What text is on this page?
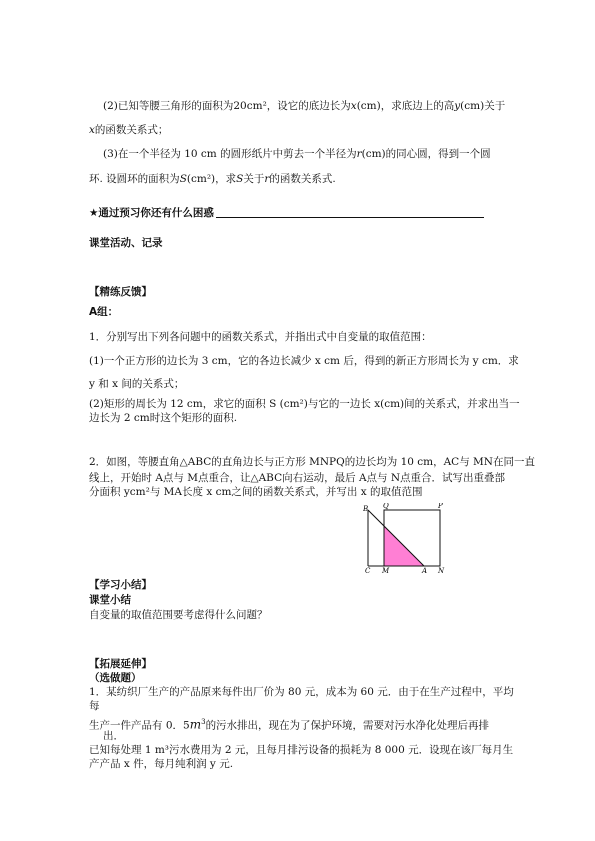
(2)已知等腰三角形的面积为20cm²，设它的底边长为x(cm)，求底边上的高y(cm)关于
x的函数关系式；
(3)在一个半径为 10 cm 的圆形纸片中剪去一个半径为r(cm)的同心圆，得到一个圆
环. 设圆环的面积为S(cm²)，求S关于r的函数关系式.
★通过预习你还有什么困惑
课堂活动、记录
【精练反馈】
A组：
1．分别写出下列各问题中的函数关系式，并指出式中自变量的取值范围：
(1)一个正方形的边长为 3 cm，它的各边长减少 x cm 后，得到的新正方形周长为 y cm．求
y 和 x 间的关系式；
(2)矩形的周长为 12 cm，求它的面积 S (cm²)与它的一边长 x(cm)间的关系式，并求出当一
边长为 2 cm时这个矩形的面积.
2．如图，等腰直角△ABC的直角边长与正方形 MNPQ的边长均为 10 cm，AC与 MN在同一直
线上，开始时 A点与 M点重合，让△ABC向右运动，最后 A点与 N点重合．试写出重叠部
分面积 ycm²与 MA长度 x cm之间的函数关系式，并写出 x 的取值范围
B Q	P
C M	A N
【学习小结】
课堂小结
自变量的取值范围要考虑得什么问题？
【拓展延伸】
（选做题）
1．某纺织厂生产的产品原来每件出厂价为 80 元，成本为 60 元．由于在生产过程中，平均
每
生产一件产品有 0．$5m^3$的污水排出，现在为了保护环境，需要对污水净化处理后再排
出．
已知每处理 1 m³污水费用为 2 元，且每月排污设备的损耗为 8 000 元．设现在该厂每月生
产产品 x 件，每月纯利润 y 元.
